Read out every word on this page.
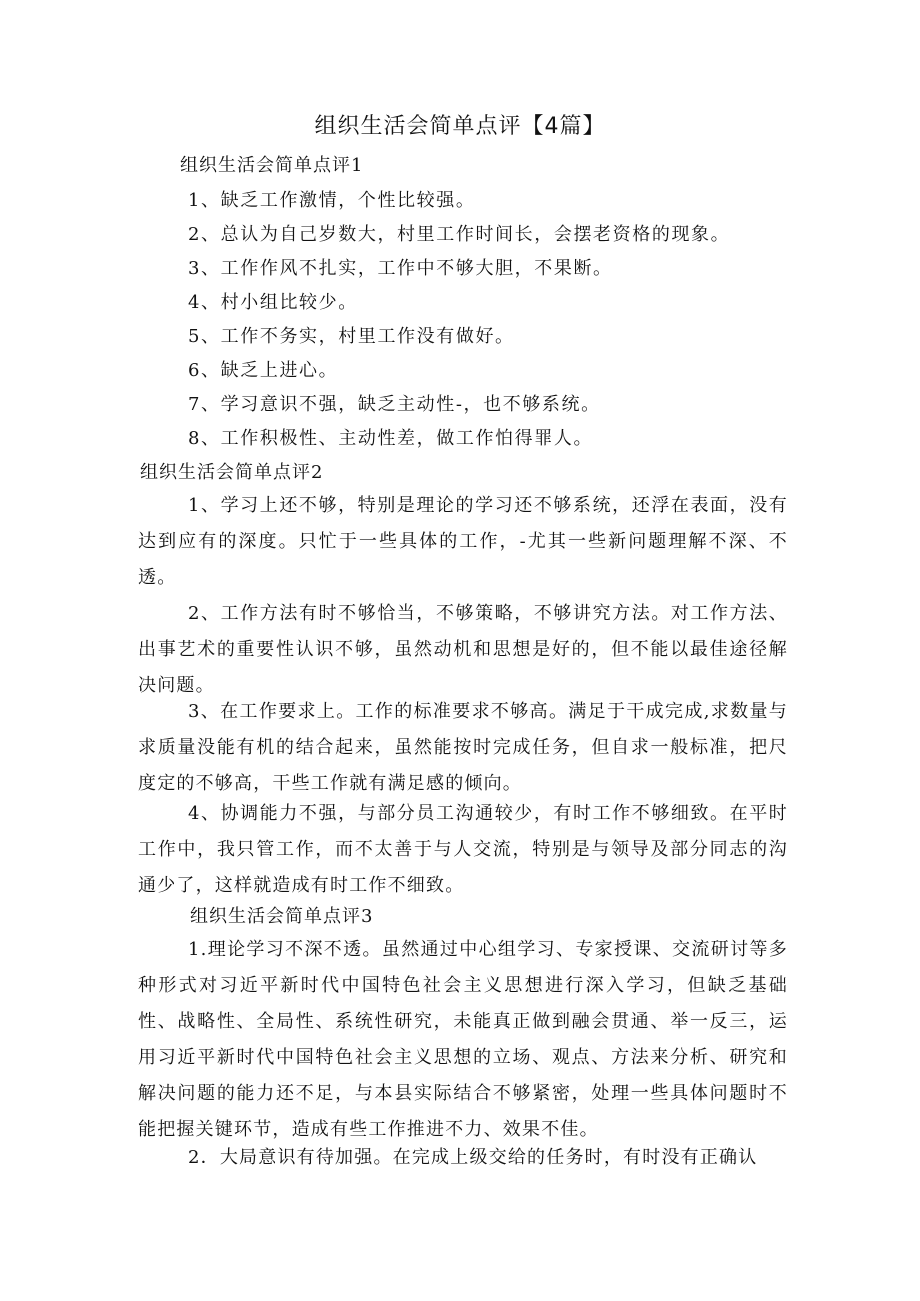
组织生活会简单点评【4篇】
组织生活会简单点评1
1、缺乏工作激情，个性比较强。
2、总认为自己岁数大，村里工作时间长，会摆老资格的现象。
3、工作作风不扎实，工作中不够大胆，不果断。
4、村小组比较少。
5、工作不务实，村里工作没有做好。
6、缺乏上进心。
7、学习意识不强，缺乏主动性-，也不够系统。
8、工作积极性、主动性差，做工作怕得罪人。
组织生活会简单点评2
1、学习上还不够，特别是理论的学习还不够系统，还浮在表面，没有达到应有的深度。只忙于一些具体的工作，-尤其一些新问题理解不深、不透。
2、工作方法有时不够恰当，不够策略，不够讲究方法。对工作方法、出事艺术的重要性认识不够，虽然动机和思想是好的，但不能以最佳途径解决问题。
3、在工作要求上。工作的标准要求不够高。满足于干成完成,求数量与求质量没能有机的结合起来，虽然能按时完成任务，但自求一般标准，把尺度定的不够高，干些工作就有满足感的倾向。
4、协调能力不强，与部分员工沟通较少，有时工作不够细致。在平时工作中，我只管工作，而不太善于与人交流，特别是与领导及部分同志的沟通少了，这样就造成有时工作不细致。
组织生活会简单点评3
1.理论学习不深不透。虽然通过中心组学习、专家授课、交流研讨等多种形式对习近平新时代中国特色社会主义思想进行深入学习，但缺乏基础性、战略性、全局性、系统性研究，未能真正做到融会贯通、举一反三，运用习近平新时代中国特色社会主义思想的立场、观点、方法来分析、研究和解决问题的能力还不足，与本县实际结合不够紧密，处理一些具体问题时不能把握关键环节，造成有些工作推进不力、效果不佳。
2．大局意识有待加强。在完成上级交给的任务时，有时没有正确认
